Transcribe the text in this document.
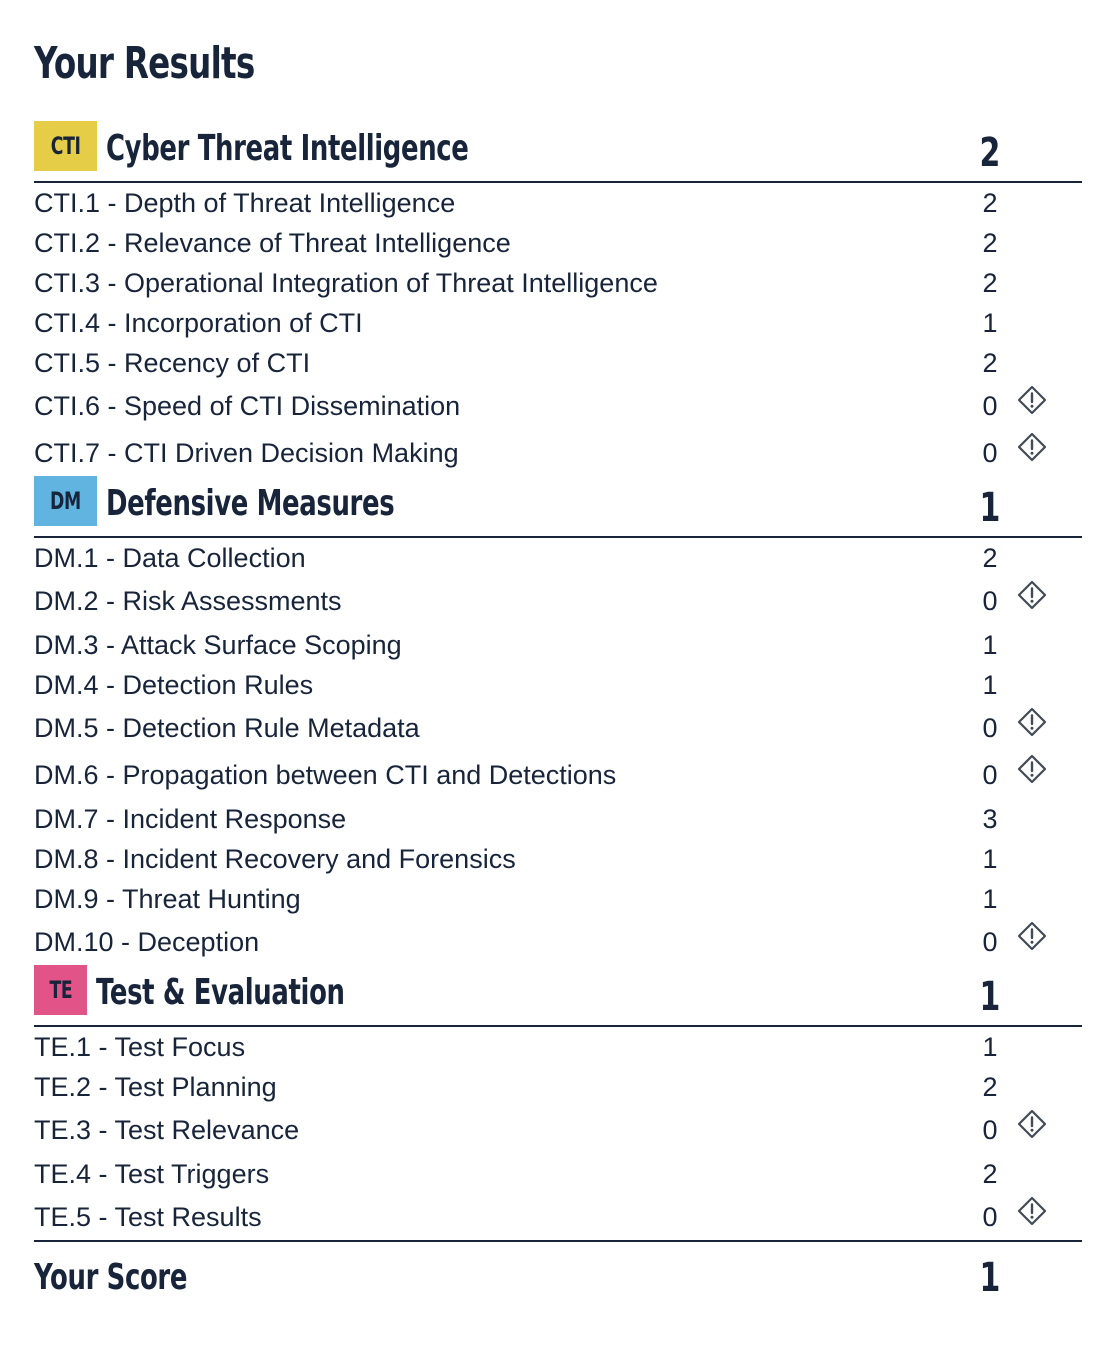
Your Results
CTI Cyber Threat Intelligence	2
CTI.1 - Depth of Threat Intelligence	2
CTI.2 - Relevance of Threat Intelligence	2
CTI.3 - Operational Integration of Threat Intelligence	2
CTI.4 - Incorporation of CTI	1
CTI.5 - Recency of CTI	2
CTI.6 - Speed of CTI Dissemination	0
CTI.7 - CTI Driven Decision Making	0
DM Defensive Measures	1
DM.1 - Data Collection	2
DM.2 - Risk Assessments	0
DM.3 - Attack Surface Scoping	1
DM.4 - Detection Rules	1
DM.5 - Detection Rule Metadata	0
DM.6 - Propagation between CTI and Detections	0
DM.7 - Incident Response	3
DM.8 - Incident Recovery and Forensics	1
DM.9 - Threat Hunting	1
DM.10 - Deception	0
TE Test & Evaluation	1
TE.1 - Test Focus	1
TE.2 - Test Planning	2
TE.3 - Test Relevance	0
TE.4 - Test Triggers	2
TE.5 - Test Results	0
Your Score	1
